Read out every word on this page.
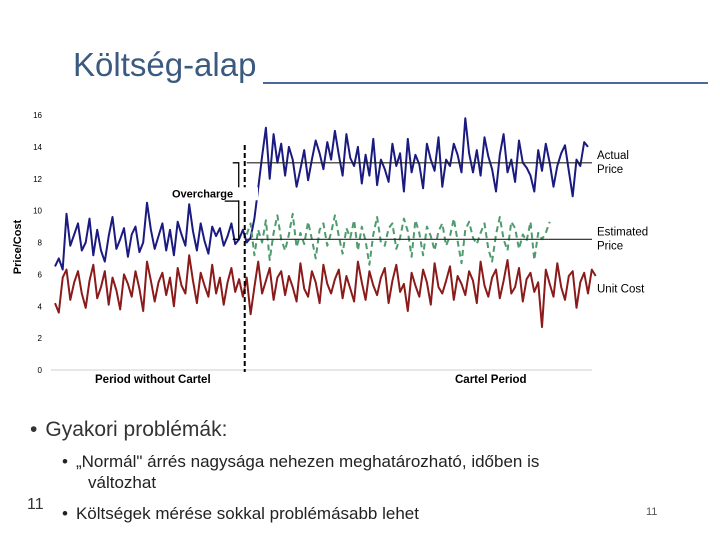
Költség-alap
0
2
4
6
8
10
12
14
16
Price/Cost
Overcharge
Period without Cartel	Cartel Period
Actual Price
Estimated Price
Unit Cost
• Gyakori problémák:
• „Normál" árrés nagysága nehezen meghatározható, időben is
változhat
• Költségek mérése sokkal problémásabb lehet
11	11
